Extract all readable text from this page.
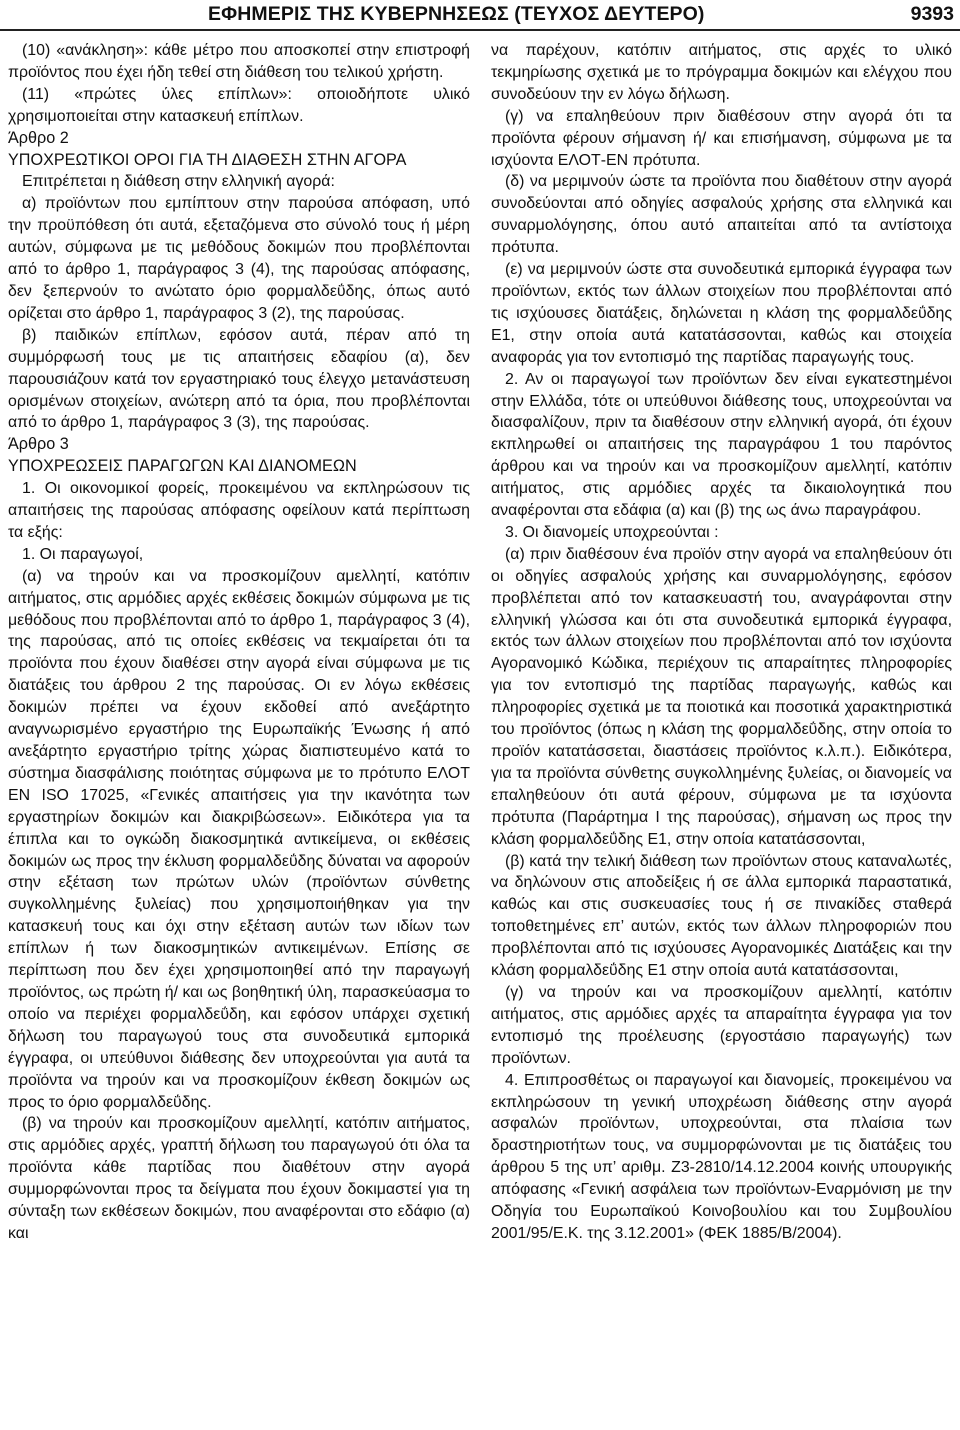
ΕΦΗΜΕΡΙΣ ΤΗΣ ΚΥΒΕΡΝΗΣΕΩΣ (ΤΕΥΧΟΣ ΔΕΥΤΕΡΟ)	9393

(10) «ανάκληση»: κάθε μέτρο που αποσκοπεί στην επιστροφή προϊόντος που έχει ήδη τεθεί στη διάθεση του τελικού χρήστη.

(11) «πρώτες ύλες επίπλων»: οποιοδήποτε υλικό χρησιμοποιείται στην κατασκευή επίπλων.

Άρθρο 2

ΥΠΟΧΡΕΩΤΙΚΟΙ ΟΡΟΙ ΓΙΑ ΤΗ ΔΙΑΘΕΣΗ ΣΤΗΝ ΑΓΟΡΑ

Επιτρέπεται η διάθεση στην ελληνική αγορά:

α) προϊόντων που εμπίπτουν στην παρούσα απόφαση, υπό την προϋπόθεση ότι αυτά, εξεταζόμενα στο σύνολό τους ή μέρη αυτών, σύμφωνα με τις μεθόδους δοκιμών που προβλέπονται από το άρθρο 1, παράγραφος 3 (4), της παρούσας απόφασης, δεν ξεπερνούν το ανώτατο όριο φορμαλδεΰδης, όπως αυτό ορίζεται στο άρθρο 1, παράγραφος 3 (2), της παρούσας.

β) παιδικών επίπλων, εφόσον αυτά, πέραν από τη συμμόρφωσή τους με τις απαιτήσεις εδαφίου (α), δεν παρουσιάζουν κατά τον εργαστηριακό τους έλεγχο μετανάστευση ορισμένων στοιχείων, ανώτερη από τα όρια, που προβλέπονται από το άρθρο 1, παράγραφος 3 (3), της παρούσας.

Άρθρο 3

ΥΠΟΧΡΕΩΣΕΙΣ ΠΑΡΑΓΩΓΩΝ ΚΑΙ ΔΙΑΝΟΜΕΩΝ

1. Οι οικονομικοί φορείς, προκειμένου να εκπληρώσουν τις απαιτήσεις της παρούσας απόφασης οφείλουν κατά περίπτωση τα εξής:

1. Οι παραγωγοί,

(α) να τηρούν και να προσκομίζουν αμελλητί, κατόπιν αιτήματος, στις αρμόδιες αρχές εκθέσεις δοκιμών σύμφωνα με τις μεθόδους που προβλέπονται από το άρθρο 1, παράγραφος 3 (4), της παρούσας, από τις οποίες εκθέσεις να τεκμαίρεται ότι τα προϊόντα που έχουν διαθέσει στην αγορά είναι σύμφωνα με τις διατάξεις του άρθρου 2 της παρούσας. Οι εν λόγω εκθέσεις δοκιμών πρέπει να έχουν εκδοθεί από ανεξάρτητο αναγνωρισμένο εργαστήριο της Ευρωπαϊκής Ένωσης ή από ανεξάρτητο εργαστήριο τρίτης χώρας διαπιστευμένο κατά το σύστημα διασφάλισης ποιότητας σύμφωνα με το πρότυπο ΕΛΟΤ ΕΝ ISO 17025, «Γενικές απαιτήσεις για την ικανότητα των εργαστηρίων δοκιμών και διακριβώσεων». Ειδικότερα για τα έπιπλα και το ογκώδη διακοσμητικά αντικείμενα, οι εκθέσεις δοκιμών ως προς την έκλυση φορμαλδεΰδης δύναται να αφορούν στην εξέταση των πρώτων υλών (προϊόντων σύνθετης συγκολλημένης ξυλείας) που χρησιμοποιήθηκαν για την κατασκευή τους και όχι στην εξέταση αυτών των ιδίων των επίπλων ή των διακοσμητικών αντικειμένων. Επίσης σε περίπτωση που δεν έχει χρησιμοποιηθεί από την παραγωγή προϊόντος, ως πρώτη ή/ και ως βοηθητική ύλη, παρασκεύασμα το οποίο να περιέχει φορμαλδεΰδη, και εφόσον υπάρχει σχετική δήλωση του παραγωγού τους στα συνοδευτικά εμπορικά έγγραφα, οι υπεύθυνοι διάθεσης δεν υποχρεούνται για αυτά τα προϊόντα να τηρούν και να προσκομίζουν έκθεση δοκιμών ως προς το όριο φορμαλδεΰδης.

(β) να τηρούν και προσκομίζουν αμελλητί, κατόπιν αιτήματος, στις αρμόδιες αρχές, γραπτή δήλωση του παραγωγού ότι όλα τα προϊόντα κάθε παρτίδας που διαθέτουν στην αγορά συμμορφώνονται προς τα δείγματα που έχουν δοκιμαστεί για τη σύνταξη των εκθέσεων δοκιμών, που αναφέρονται στο εδάφιο (α) και

να παρέχουν, κατόπιν αιτήματος, στις αρχές το υλικό τεκμηρίωσης σχετικά με το πρόγραμμα δοκιμών και ελέγχου που συνοδεύουν την εν λόγω δήλωση.

(γ) να επαληθεύουν πριν διαθέσουν στην αγορά ότι τα προϊόντα φέρουν σήμανση ή/ και επισήμανση, σύμφωνα με τα ισχύοντα ΕΛΟΤ-ΕΝ πρότυπα.

(δ) να μεριμνούν ώστε τα προϊόντα που διαθέτουν στην αγορά συνοδεύονται από οδηγίες ασφαλούς χρήσης στα ελληνικά και συναρμολόγησης, όπου αυτό απαιτείται από τα αντίστοιχα πρότυπα.

(ε) να μεριμνούν ώστε στα συνοδευτικά εμπορικά έγγραφα των προϊόντων, εκτός των άλλων στοιχείων που προβλέπονται από τις ισχύουσες διατάξεις, δηλώνεται η κλάση της φορμαλδεΰδης Ε1, στην οποία αυτά κατατάσσονται, καθώς και στοιχεία αναφοράς για τον εντοπισμό της παρτίδας παραγωγής τους.

2. Αν οι παραγωγοί των προϊόντων δεν είναι εγκατεστημένοι στην Ελλάδα, τότε οι υπεύθυνοι διάθεσης τους, υποχρεούνται να διασφαλίζουν, πριν τα διαθέσουν στην ελληνική αγορά, ότι έχουν εκπληρωθεί οι απαιτήσεις της παραγράφου 1 του παρόντος άρθρου και να τηρούν και να προσκομίζουν αμελλητί, κατόπιν αιτήματος, στις αρμόδιες αρχές τα δικαιολογητικά που αναφέρονται στα εδάφια (α) και (β) της ως άνω παραγράφου.

3. Οι διανομείς υποχρεούνται :

(α) πριν διαθέσουν ένα προϊόν στην αγορά να επαληθεύουν ότι οι οδηγίες ασφαλούς χρήσης και συναρμολόγησης, εφόσον προβλέπεται από τον κατασκευαστή του, αναγράφονται στην ελληνική γλώσσα και ότι στα συνοδευτικά εμπορικά έγγραφα, εκτός των άλλων στοιχείων που προβλέπονται από τον ισχύοντα Αγορανομικό Κώδικα, περιέχουν τις απαραίτητες πληροφορίες για τον εντοπισμό της παρτίδας παραγωγής, καθώς και πληροφορίες σχετικά με τα ποιοτικά και ποσοτικά χαρακτηριστικά του προϊόντος (όπως η κλάση της φορμαλδεΰδης, στην οποία το προϊόν κατατάσσεται, διαστάσεις προϊόντος κ.λ.π.). Ειδικότερα, για τα προϊόντα σύνθετης συγκολλημένης ξυλείας, οι διανομείς να επαληθεύουν ότι αυτά φέρουν, σύμφωνα με τα ισχύοντα πρότυπα (Παράρτημα Ι της παρούσας), σήμανση ως προς την κλάση φορμαλδεΰδης Ε1, στην οποία κατατάσσονται,

(β) κατά την τελική διάθεση των προϊόντων στους καταναλωτές, να δηλώνουν στις αποδείξεις ή σε άλλα εμπορικά παραστατικά, καθώς και στις συσκευασίες τους ή σε πινακίδες σταθερά τοποθετημένες επ’ αυτών, εκτός των άλλων πληροφοριών που προβλέπονται από τις ισχύουσες Αγορανομικές Διατάξεις και την κλάση φορμαλδεΰδης Ε1 στην οποία αυτά κατατάσσονται,

(γ) να τηρούν και να προσκομίζουν αμελλητί, κατόπιν αιτήματος, στις αρμόδιες αρχές τα απαραίτητα έγγραφα για τον εντοπισμό της προέλευσης (εργοστάσιο παραγωγής) των προϊόντων.

4. Επιπροσθέτως οι παραγωγοί και διανομείς, προκειμένου να εκπληρώσουν τη γενική υποχρέωση διάθεσης στην αγορά ασφαλών προϊόντων, υποχρεούνται, στα πλαίσια των δραστηριοτήτων τους, να συμμορφώνονται με τις διατάξεις του άρθρου 5 της υπ’ αριθμ. Ζ3-2810/14.12.2004 κοινής υπουργικής απόφασης «Γενική ασφάλεια των προϊόντων-Εναρμόνιση με την Οδηγία του Ευρωπαϊκού Κοινοβουλίου και του Συμβουλίου 2001/95/Ε.Κ. της 3.12.2001» (ΦΕΚ 1885/Β/2004).
